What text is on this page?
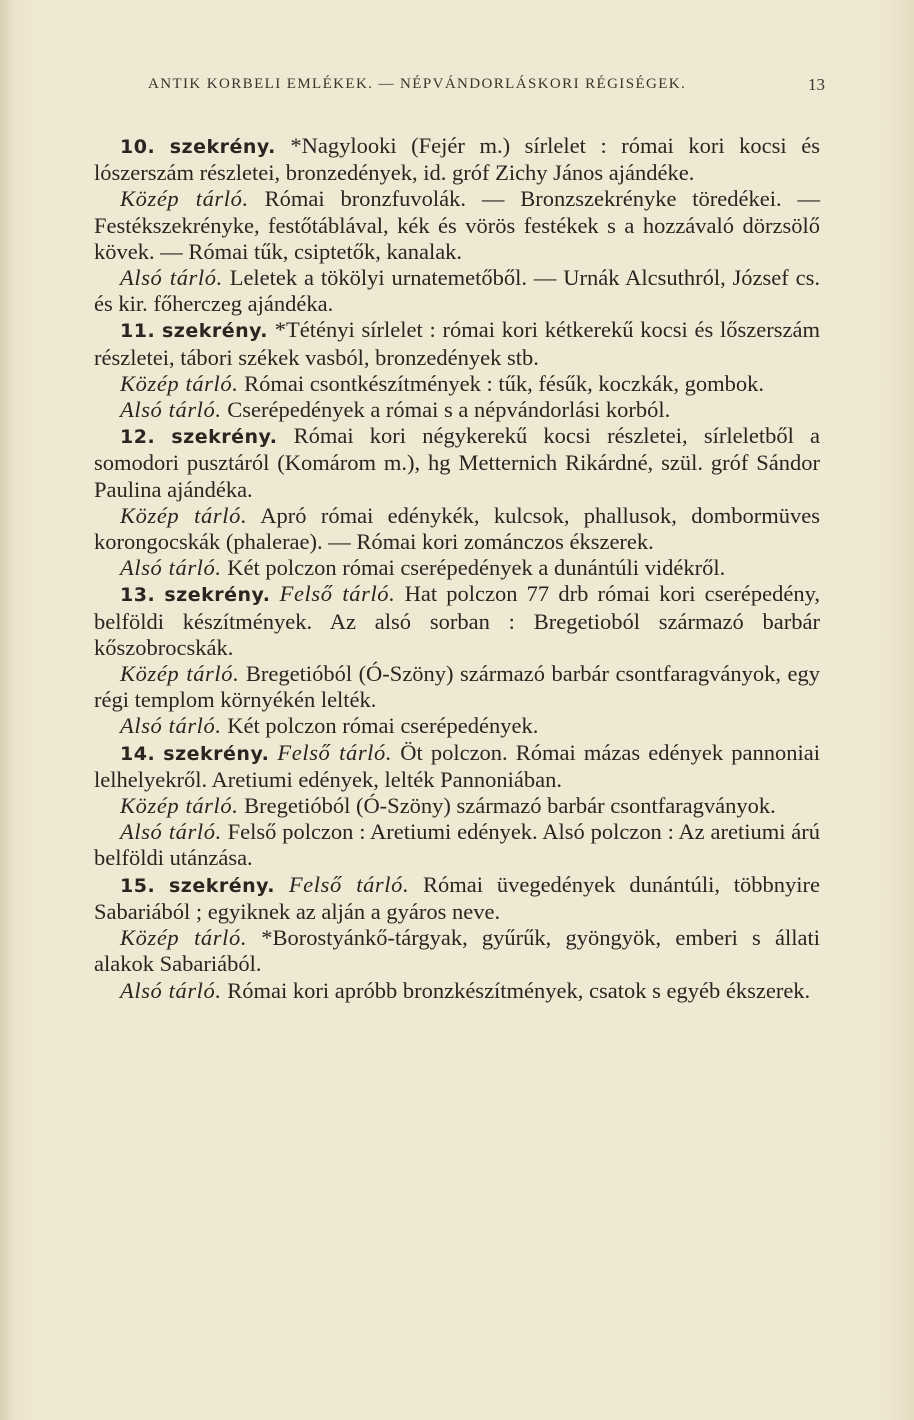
ANTIK KORBELI EMLÉKEK. — NÉPVÁNDORLÁSKORI RÉGISÉGEK.	13

10. szekrény. *Nagylooki (Fejér m.) sírlelet : római kori kocsi és lószerszám részletei, bronzedények, id. gróf Zichy János ajándéke.

Közép tárló. Római bronzfuvolák. — Bronzszekrényke töredékei. — Festékszekrényke, festőtáblával, kék és vörös festékek s a hozzávaló dörzsölő kövek. — Római tűk, csiptetők, kanalak.

Alsó tárló. Leletek a tökölyi urnatemetőből. — Urnák Alcsuthról, József cs. és kir. főherczeg ajándéka.

11. szekrény. *Tétényi sírlelet : római kori kétkerekű kocsi és lőszerszám részletei, tábori székek vasból, bronzedények stb.

Közép tárló. Római csontkészítmények : tűk, fésűk, koczkák, gombok.

Alsó tárló. Cserépedények a római s a népvándorlási korból.

12. szekrény. Római kori négykerekű kocsi részletei, sírleletből a somodori pusztáról (Komárom m.), hg Metternich Rikárdné, szül. gróf Sándor Paulina ajándéka.

Közép tárló. Apró római edénykék, kulcsok, phallusok, dombormüves korongocskák (phalerae). — Római kori zománczos ékszerek.

Alsó tárló. Két polczon római cserépedények a dunántúli vidékről.

13. szekrény. Felső tárló. Hat polczon 77 drb római kori cserépedény, belföldi készítmények. Az alsó sorban : Bregetioból származó barbár kőszobrocskák.

Közép tárló. Bregetióból (Ó-Szöny) származó barbár csontfaragványok, egy régi templom környékén lelték.

Alsó tárló. Két polczon római cserépedények.

14. szekrény. Felső tárló. Öt polczon. Római mázas edények pannoniai lelhelyekről. Aretiumi edények, lelték Pannoniában.

Közép tárló. Bregetióból (Ó-Szöny) származó barbár csontfaragványok.

Alsó tárló. Felső polczon : Aretiumi edények. Alsó polczon : Az aretiumi árú belföldi utánzása.

15. szekrény. Felső tárló. Római üvegedények dunántúli, többnyire Sabariából ; egyiknek az alján a gyáros neve.

Közép tárló. *Borostyánkő-tárgyak, gyűrűk, gyöngyök, emberi s állati alakok Sabariából.

Alsó tárló. Római kori apróbb bronzkészítmények, csatok s egyéb ékszerek.
